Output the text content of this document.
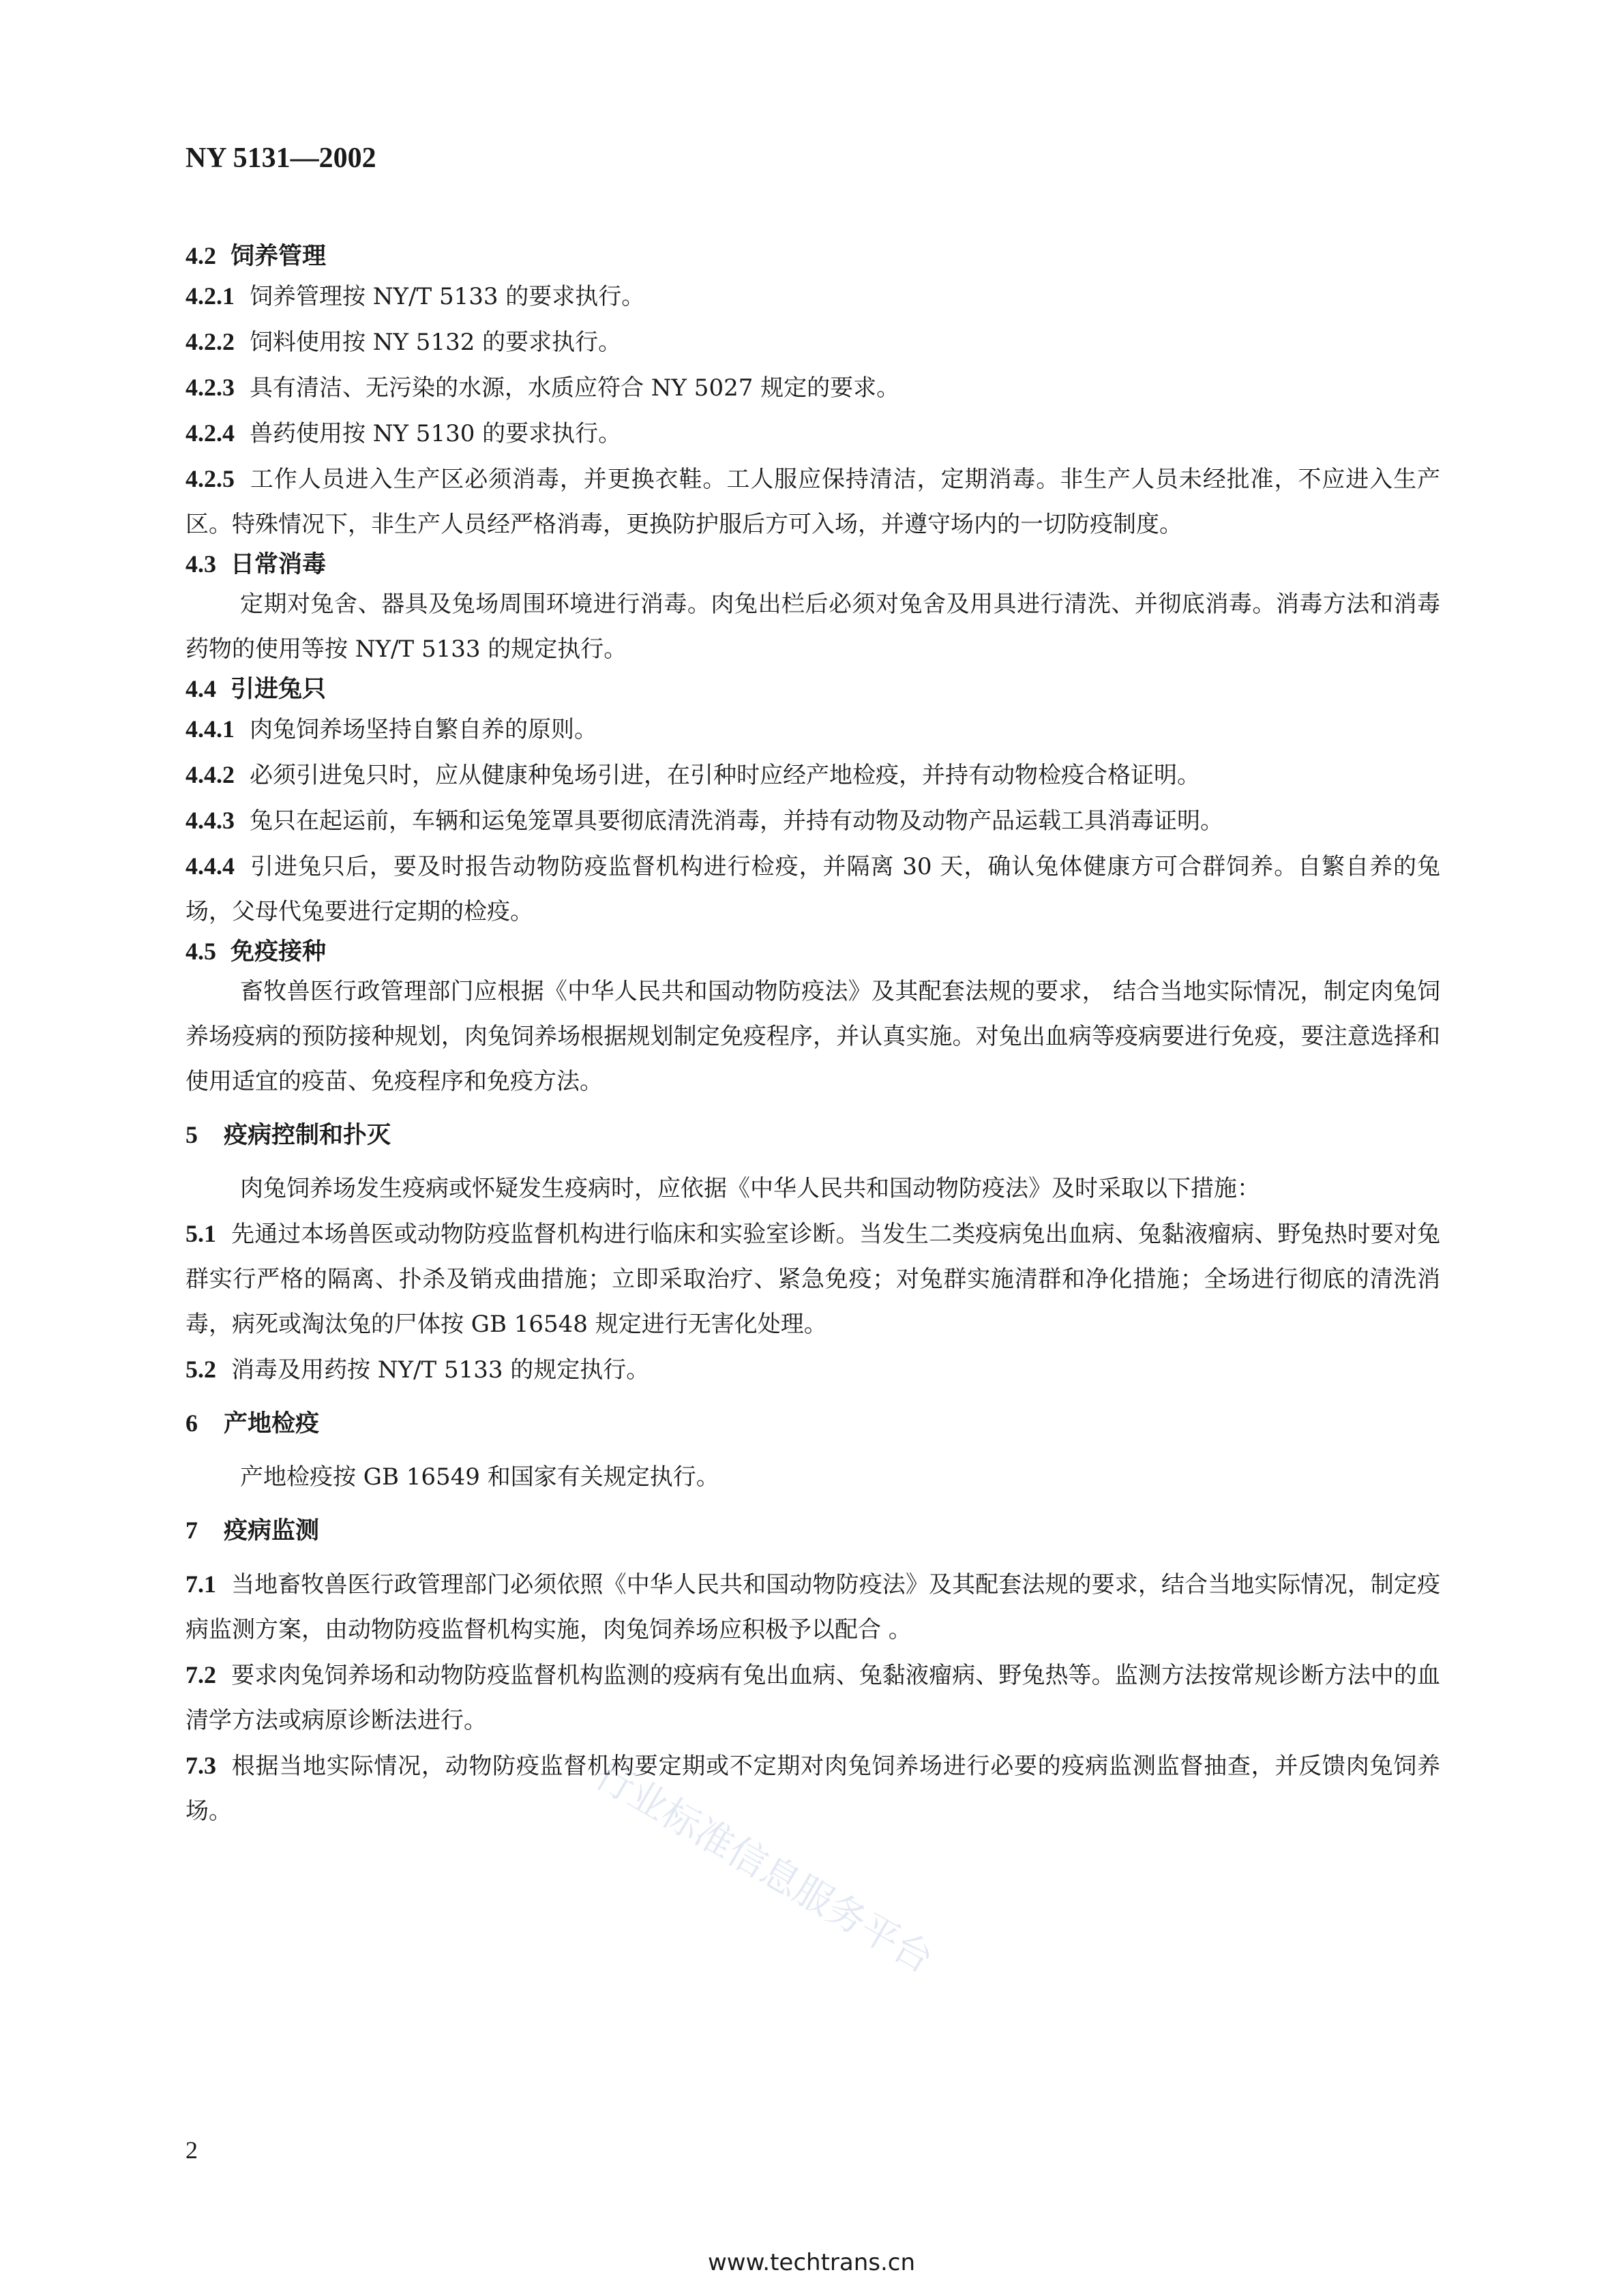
NY 5131—2002
4.2 饲养管理

4.2.1 饲养管理按 NY/T 5133 的要求执行。

4.2.2 饲料使用按 NY 5132 的要求执行。

4.2.3 具有清洁、无污染的水源，水质应符合 NY 5027 规定的要求。

4.2.4 兽药使用按 NY 5130 的要求执行。

4.2.5 工作人员进入生产区必须消毒，并更换衣鞋。工人服应保持清洁，定期消毒。非生产人员未经批准，不应进入生产区。特殊情况下，非生产人员经严格消毒，更换防护服后方可入场，并遵守场内的一切防疫制度。

4.3 日常消毒

定期对兔舍、器具及兔场周围环境进行消毒。肉兔出栏后必须对兔舍及用具进行清洗、并彻底消毒。消毒方法和消毒药物的使用等按 NY/T 5133 的规定执行。

4.4 引进兔只

4.4.1 肉兔饲养场坚持自繁自养的原则。

4.4.2 必须引进兔只时，应从健康种兔场引进，在引种时应经产地检疫，并持有动物检疫合格证明。

4.4.3 兔只在起运前，车辆和运兔笼罩具要彻底清洗消毒，并持有动物及动物产品运载工具消毒证明。

4.4.4 引进兔只后，要及时报告动物防疫监督机构进行检疫，并隔离 30 天，确认兔体健康方可合群饲养。自繁自养的兔场，父母代兔要进行定期的检疫。

4.5 免疫接种

畜牧兽医行政管理部门应根据《中华人民共和国动物防疫法》及其配套法规的要求， 结合当地实际情况，制定肉兔饲养场疫病的预防接种规划，肉兔饲养场根据规划制定免疫程序，并认真实施。对兔出血病等疫病要进行免疫，要注意选择和使用适宜的疫苗、免疫程序和免疫方法。

5 疫病控制和扑灭

肉兔饲养场发生疫病或怀疑发生疫病时，应依据《中华人民共和国动物防疫法》及时采取以下措施：

5.1 先通过本场兽医或动物防疫监督机构进行临床和实验室诊断。当发生二类疫病兔出血病、兔黏液瘤病、野兔热时要对兔群实行严格的隔离、扑杀及销戎曲措施；立即采取治疗、紧急免疫；对兔群实施清群和净化措施；全场进行彻底的清洗消毒，病死或淘汰兔的尸体按 GB 16548 规定进行无害化处理。

5.2 消毒及用药按 NY/T 5133 的规定执行。

6 产地检疫

产地检疫按 GB 16549 和国家有关规定执行。

7 疫病监测

7.1 当地畜牧兽医行政管理部门必须依照《中华人民共和国动物防疫法》及其配套法规的要求，结合当地实际情况，制定疫病监测方案，由动物防疫监督机构实施，肉兔饲养场应积极予以配合 。

7.2 要求肉兔饲养场和动物防疫监督机构监测的疫病有兔出血病、兔黏液瘤病、野兔热等。监测方法按常规诊断方法中的血清学方法或病原诊断法进行。

7.3 根据当地实际情况，动物防疫监督机构要定期或不定期对肉兔饲养场进行必要的疫病监测监督抽查，并反馈肉兔饲养场。	行业标准信息服务平台
2
www.techtrans.cn
